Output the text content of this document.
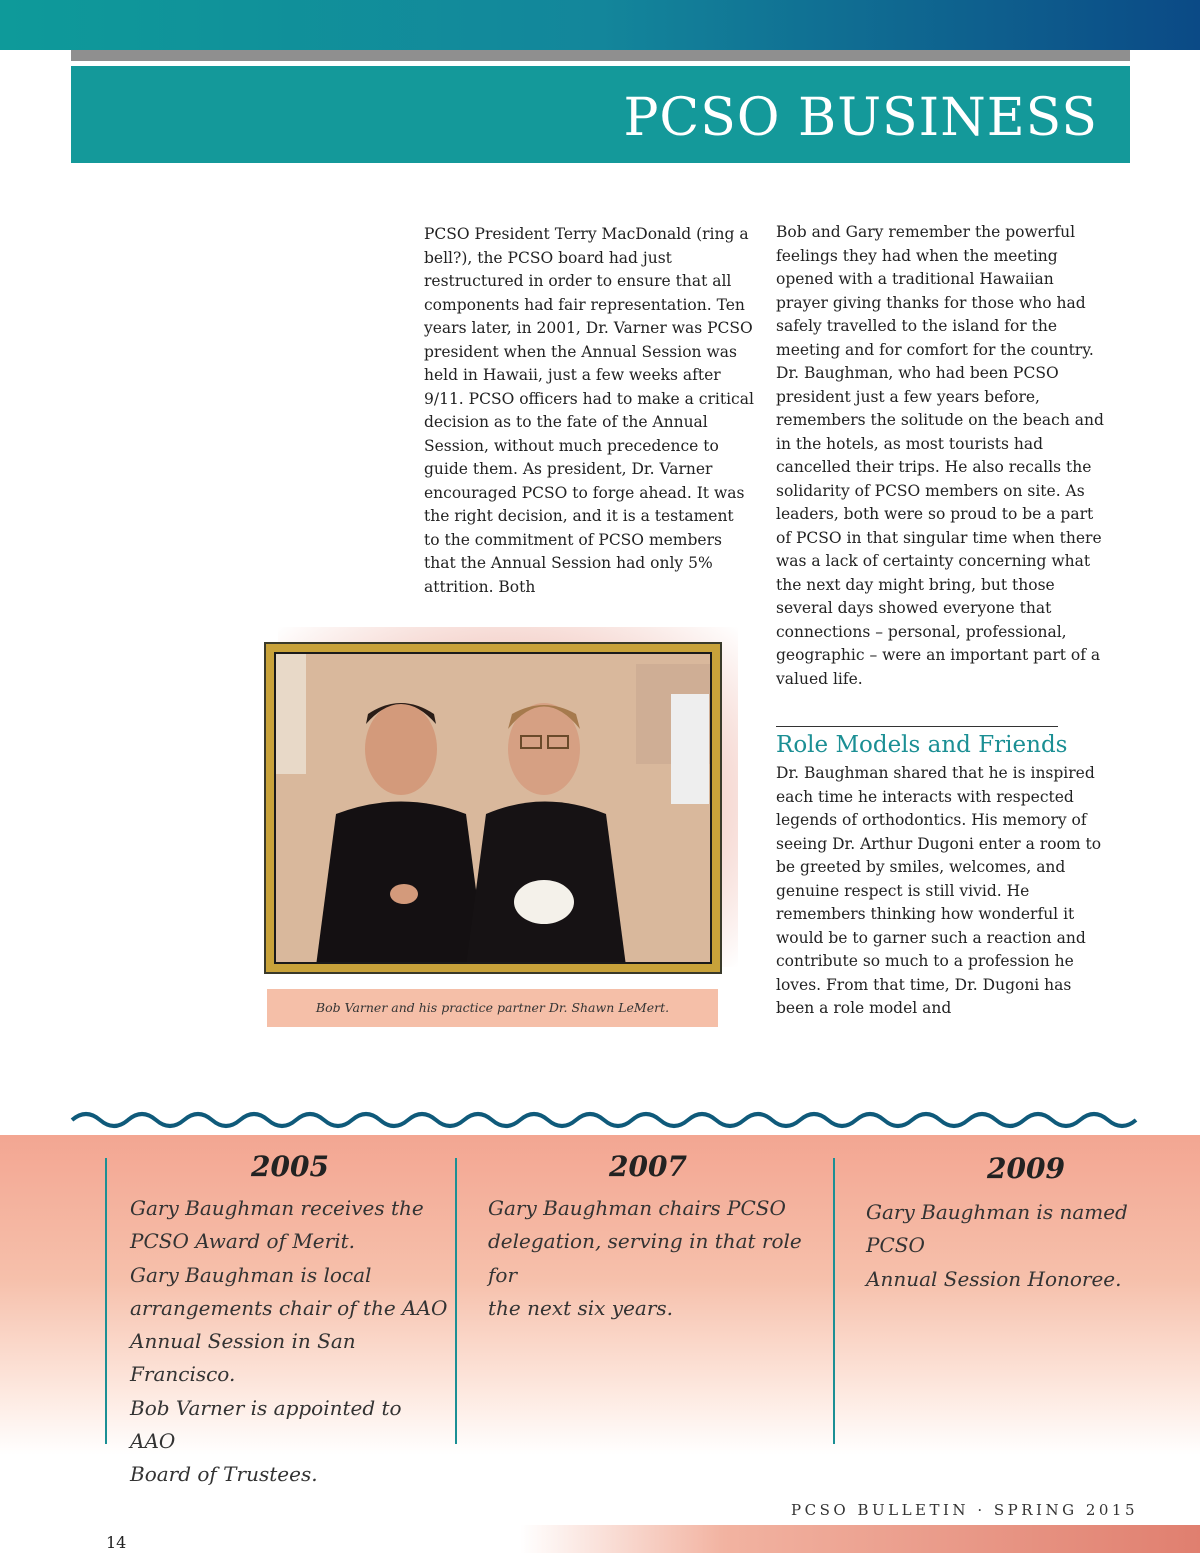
PCSO BUSINESS

PCSO President Terry MacDonald (ring a bell?), the PCSO board had just restructured in order to ensure that all components had fair representation. Ten years later, in 2001, Dr. Varner was PCSO president when the Annual Session was held in Hawaii, just a few weeks after 9/11. PCSO officers had to make a critical decision as to the fate of the Annual Session, without much precedence to guide them. As president, Dr. Varner encouraged PCSO to forge ahead. It was the right decision, and it is a testament to the commitment of PCSO members that the Annual Session had only 5% attrition. Both

Bob and Gary remember the powerful feelings they had when the meeting opened with a traditional Hawaiian prayer giving thanks for those who had safely travelled to the island for the meeting and for comfort for the country. Dr. Baughman, who had been PCSO president just a few years before, remembers the solitude on the beach and in the hotels, as most tourists had cancelled their trips. He also recalls the solidarity of PCSO members on site. As leaders, both were so proud to be a part of PCSO in that singular time when there was a lack of certainty concerning what the next day might bring, but those several days showed everyone that connections – personal, professional, geographic – were an important part of a valued life.

Role Models and Friends

Dr. Baughman shared that he is inspired each time he interacts with respected legends of orthodontics. His memory of seeing Dr. Arthur Dugoni enter a room to be greeted by smiles, welcomes, and genuine respect is still vivid. He remembers thinking how wonderful it would be to garner such a reaction and contribute so much to a profession he loves. From that time, Dr. Dugoni has been a role model and

Bob Varner and his practice partner Dr. Shawn LeMert.
2005
Gary Baughman receives the
PCSO Award of Merit.
Gary Baughman is local
arrangements chair of the AAO
Annual Session in San Francisco.
Bob Varner is appointed to AAO
Board of Trustees.
2007
Gary Baughman chairs PCSO
delegation, serving in that role for
the next six years.
2009
Gary Baughman is named PCSO
Annual Session Honoree.
PCSO BULLETIN · SPRING 2015
14
